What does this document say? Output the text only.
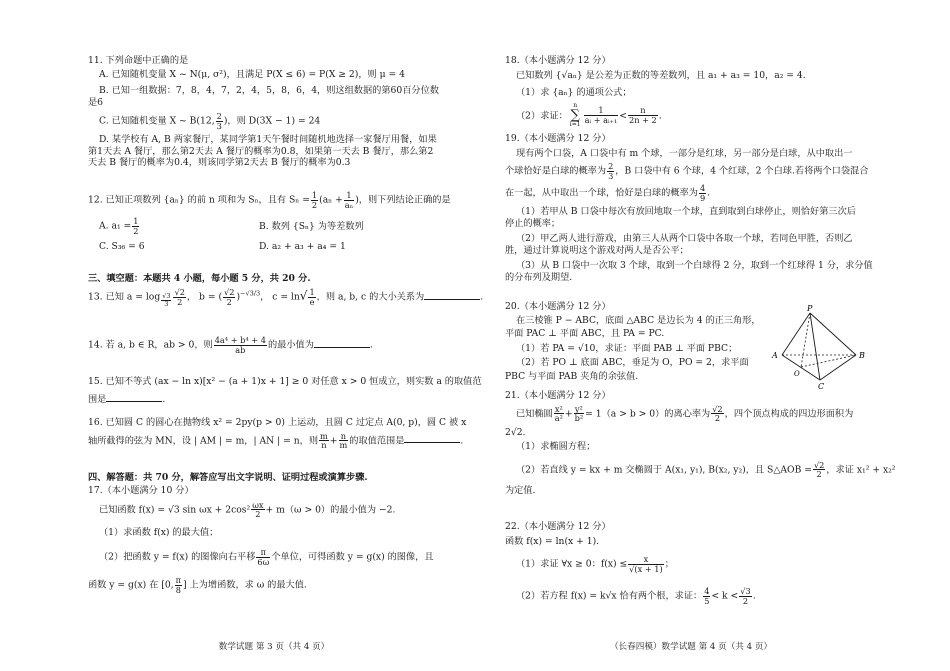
11. 下列命题中正确的是
A. 已知随机变量 X ~ N(μ, σ²)，且满足 P(X ≤ 6) = P(X ≥ 2)，则 μ = 4
B. 已知一组数据：7，8，4，7，2，4，5，8，6，4，则这组数据的第60百分位数
是6
C. 已知随机变量 X ~ B(12, $\frac{2}{3}$ )，则 D(3X − 1) = 24
D. 某学校有 A, B 两家餐厅，某同学第1天午餐时间随机地选择一家餐厅用餐，如果
第1天去 A 餐厅，那么第2天去 A 餐厅的概率为0.8，如果第一天去 B 餐厅，那么第2
天去 B 餐厅的概率为0.4，则该同学第2天去 B 餐厅的概率为0.3
12. 已知正项数列 {aₙ} 的前 n 项和为 Sₙ，且有 $S_n = \frac{1}{2} (a_n + \frac{1}{\text{aₙ}}$ )，则下列结论正确的是
A. $a_1 = \frac{1}{2}$	B. 数列 {Sₙ} 为等差数列
C. S₃₆ = 6	D. a₂ + a₃ + a₄ = 1
三、填空题：本题共 4 小题，每小题 5 分，共 20 分.
13. 已知 $a = \log \frac{√3}{3} \frac{√2}{2}$ ， b = ( $\frac{√2}{2} )^{-√3/3}$， $c = \ln√ \frac{1}{e}$ ，则 a, b, c 的大小关系为	.
14. 若 a, b ∈ R，ab > 0，则 $\frac{\text{4a⁴ + b⁴ + 4}}{ab}$ 的最小值为	.
15. 已知不等式 (ax − ln x)[x² − (a + 1)x + 1] ≥ 0 对任意 x > 0 恒成立，则实数 a 的取值范
围是	.
16. 已知圆 C 的圆心在抛物线 x² = 2py(p > 0) 上运动，且圆 C 过定点 A(0, p)，圆 C 被 x
轴所截得的弦为 MN，设 | AM | = m，| AN | = n，则 $\frac{m}{n} + \frac{n}{m}$ 的取值范围是	.
四、解答题：共 70 分，解答应写出文字说明、证明过程或演算步骤.
17.（本小题满分 10 分）
已知函数 f(x) = √3 $\sin \omega x + 2\cos^2 \frac{\omega x}{2} + m(\omega > 0)$的最小值为 −2.
（1）求函数 f(x) 的最大值；
（2）把函数 y = f(x) 的图像向右平移 $\frac{\pi}{6\omega}$ 个单位，可得函数 y = g(x) 的图像，且
函数 y = g(x) 在 [0, $\frac{\pi}{8}$ ] 上为增函数，求 ω 的最大值.
数学试题 第 3 页（共 4 页）
18.（本小题满分 12 分）
已知数列 {√aₙ} 是公差为正数的等差数列，且 a₁ + a₃ = 10，a₂ = 4.
（1）求 {aₙ} 的通项公式；
（2）求证：
n
∑
$i=1 \frac{1}{\text{aᵢ + aᵢ₊₁}} < \frac{n}{2n + 2}$ .
19.（本小题满分 12 分）
现有两个口袋，A 口袋中有 m 个球，一部分是红球，另一部分是白球，从中取出一
个球恰好是白球的概率为 $\frac{2}{3}$ ，B 口袋中有 6 个球，4 个红球，2 个白球.若将两个口袋混合
在一起，从中取出一个球，恰好是白球的概率为 $\frac{4}{9}$ .
（1）若甲从 B 口袋中每次有放回地取一个球，直到取到白球停止，则恰好第三次后
停止的概率；
（2）甲乙两人进行游戏，由第三人从两个口袋中各取一个球，若同色甲胜，否则乙
胜，通过计算说明这个游戏对两人是否公平；
（3）从 B 口袋中一次取 3 个球，取到一个白球得 2 分，取到一个红球得 1 分，求分值
的分布列及期望.
20.（本小题满分 12 分）
在三棱锥 P − ABC，底面 △ABC 是边长为 4 的正三角形，
平面 PAC ⊥ 平面 ABC，且 PA = PC.
（1）若 PA = √10，求证：平面 PAB ⊥ 平面 PBC；
（2）若 PO ⊥ 底面 ABC，垂足为 O，PO = 2，求平面
PBC 与平面 PAB 夹角的余弦值.
P
A	B
C
O
21.（本小题满分 12 分）
已知椭圆 $\frac{\text{x²}}{\text{a²}} + \frac{\text{y²}}{\text{b²}} = 1(a > b > 0)$的离心率为 $\frac{√2}{2}$ ，四个顶点构成的四边形面积为
2√2.
（1）求椭圆方程；
（2）若直线 y = kx + m 交椭圆于 A(x₁, y₁), B(x₂, y₂)，且 S△AOB = $\frac{√2}{2}$ ，求证 x₁² + x₂²
为定值.
22.（本小题满分 12 分）
函数 f(x) = ln(x + 1).
（1）求证 ∀x ≥ 0：$f(x) \le \frac{x}{√(x + 1)}$ ；
（2）若方程 f(x) = k√x 恰有两个根，求证： $\frac{4}{5} < k < \frac{√3}{2}$ .
（长春四模）数学试题 第 4 页（共 4 页）
